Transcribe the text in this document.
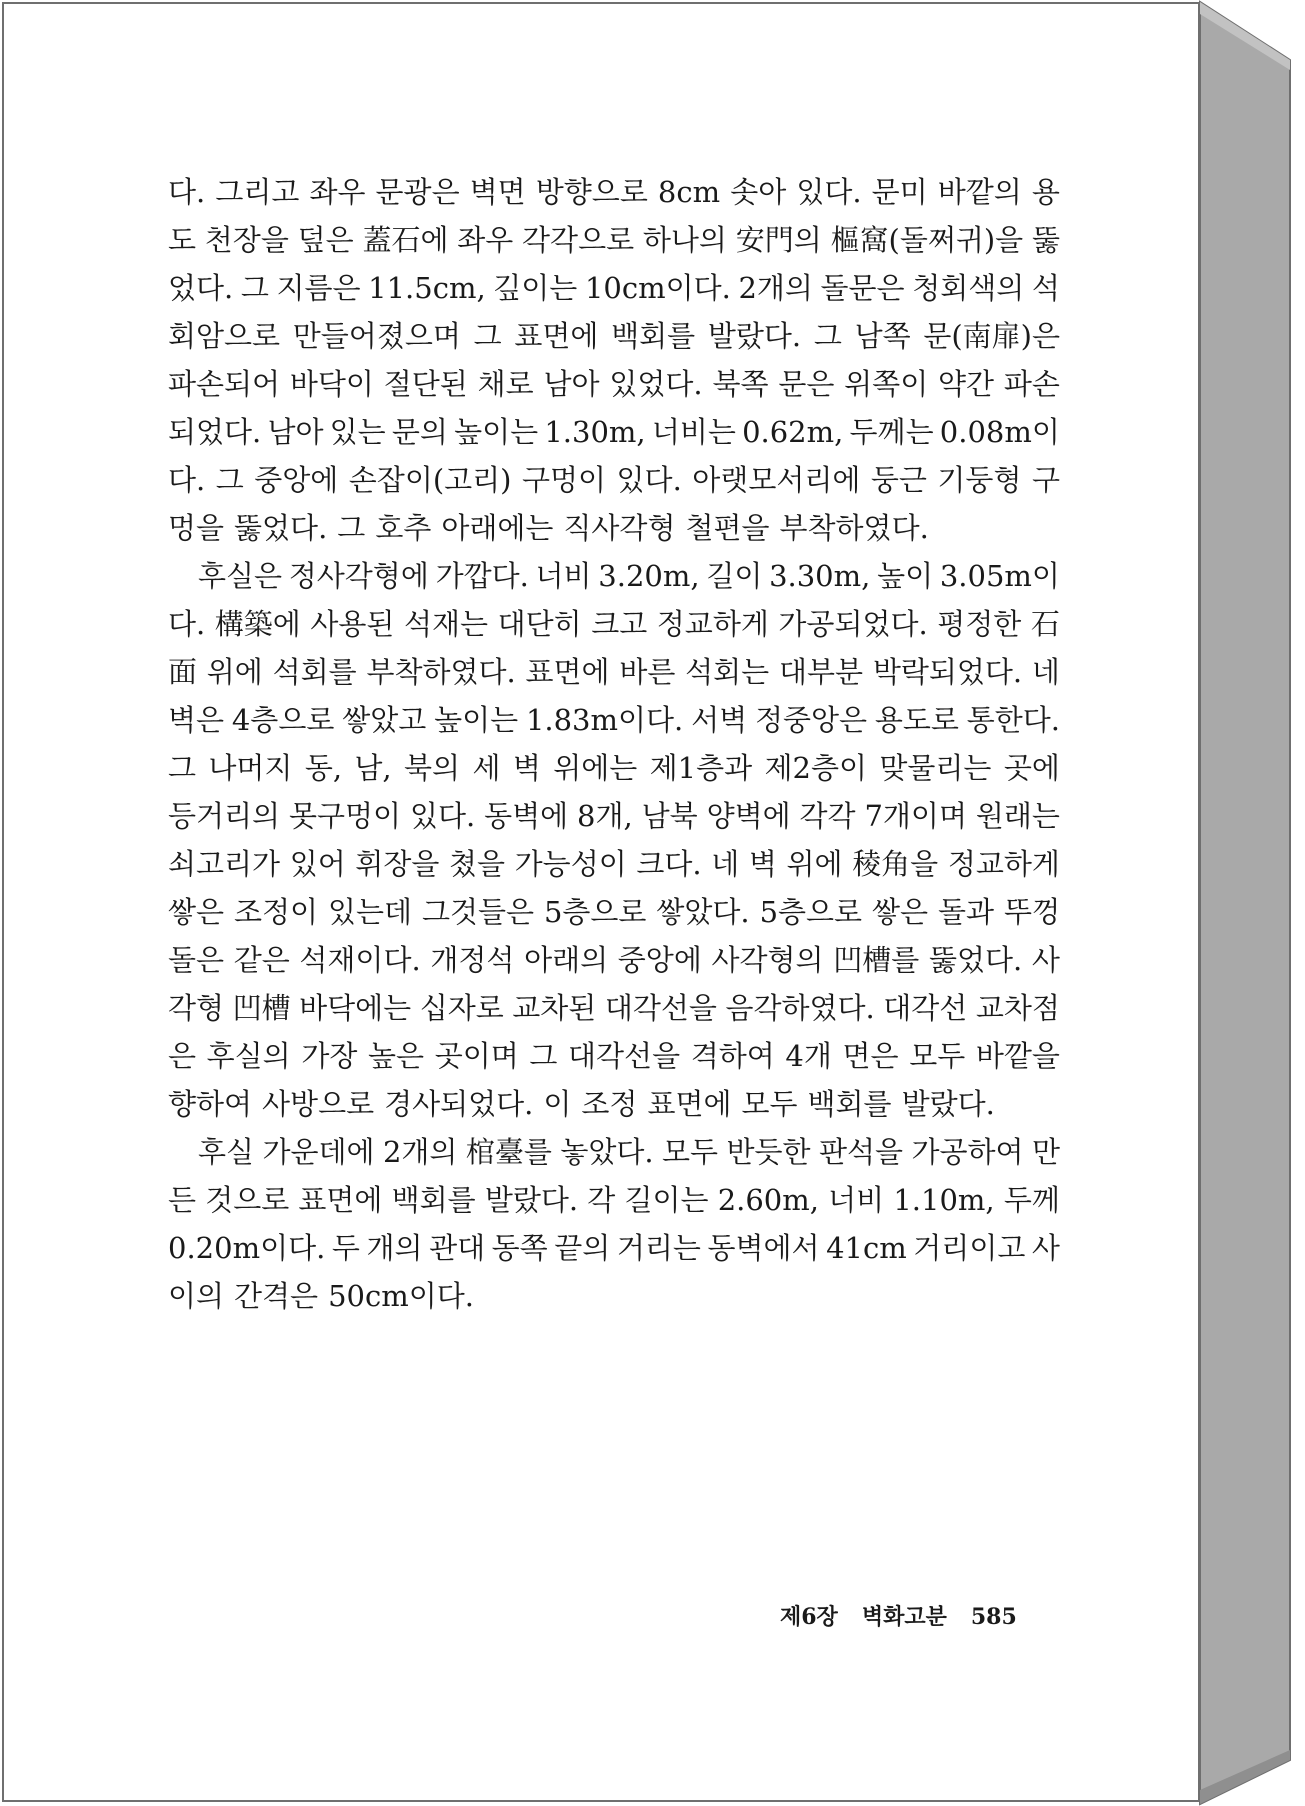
다. 그리고 좌우 문광은 벽면 방향으로 8cm 솟아 있다. 문미 바깥의 용
도 천장을 덮은 蓋石에 좌우 각각으로 하나의 安門의 樞窩(돌쩌귀)을 뚫
었다. 그 지름은 11.5cm, 깊이는 10cm이다. 2개의 돌문은 청회색의 석
회암으로 만들어졌으며 그 표면에 백회를 발랐다. 그 남쪽 문(南扉)은
파손되어 바닥이 절단된 채로 남아 있었다. 북쪽 문은 위쪽이 약간 파손
되었다. 남아 있는 문의 높이는 1.30m, 너비는 0.62m, 두께는 0.08m이
다. 그 중앙에 손잡이(고리) 구멍이 있다. 아랫모서리에 둥근 기둥형 구
멍을 뚫었다. 그 호추 아래에는 직사각형 철편을 부착하였다.
후실은 정사각형에 가깝다. 너비 3.20m, 길이 3.30m, 높이 3.05m이
다. 構築에 사용된 석재는 대단히 크고 정교하게 가공되었다. 평정한 石
面 위에 석회를 부착하였다. 표면에 바른 석회는 대부분 박락되었다. 네
벽은 4층으로 쌓았고 높이는 1.83m이다. 서벽 정중앙은 용도로 통한다.
그 나머지 동, 남, 북의 세 벽 위에는 제1층과 제2층이 맞물리는 곳에
등거리의 못구멍이 있다. 동벽에 8개, 남북 양벽에 각각 7개이며 원래는
쇠고리가 있어 휘장을 쳤을 가능성이 크다. 네 벽 위에 稜角을 정교하게
쌓은 조정이 있는데 그것들은 5층으로 쌓았다. 5층으로 쌓은 돌과 뚜껑
돌은 같은 석재이다. 개정석 아래의 중앙에 사각형의 凹槽를 뚫었다. 사
각형 凹槽 바닥에는 십자로 교차된 대각선을 음각하였다. 대각선 교차점
은 후실의 가장 높은 곳이며 그 대각선을 격하여 4개 면은 모두 바깥을
향하여 사방으로 경사되었다. 이 조정 표면에 모두 백회를 발랐다.
후실 가운데에 2개의 棺臺를 놓았다. 모두 반듯한 판석을 가공하여 만
든 것으로 표면에 백회를 발랐다. 각 길이는 2.60m, 너비 1.10m, 두께
0.20m이다. 두 개의 관대 동쪽 끝의 거리는 동벽에서 41cm 거리이고 사
이의 간격은 50cm이다.
제6장 벽화고분 585
